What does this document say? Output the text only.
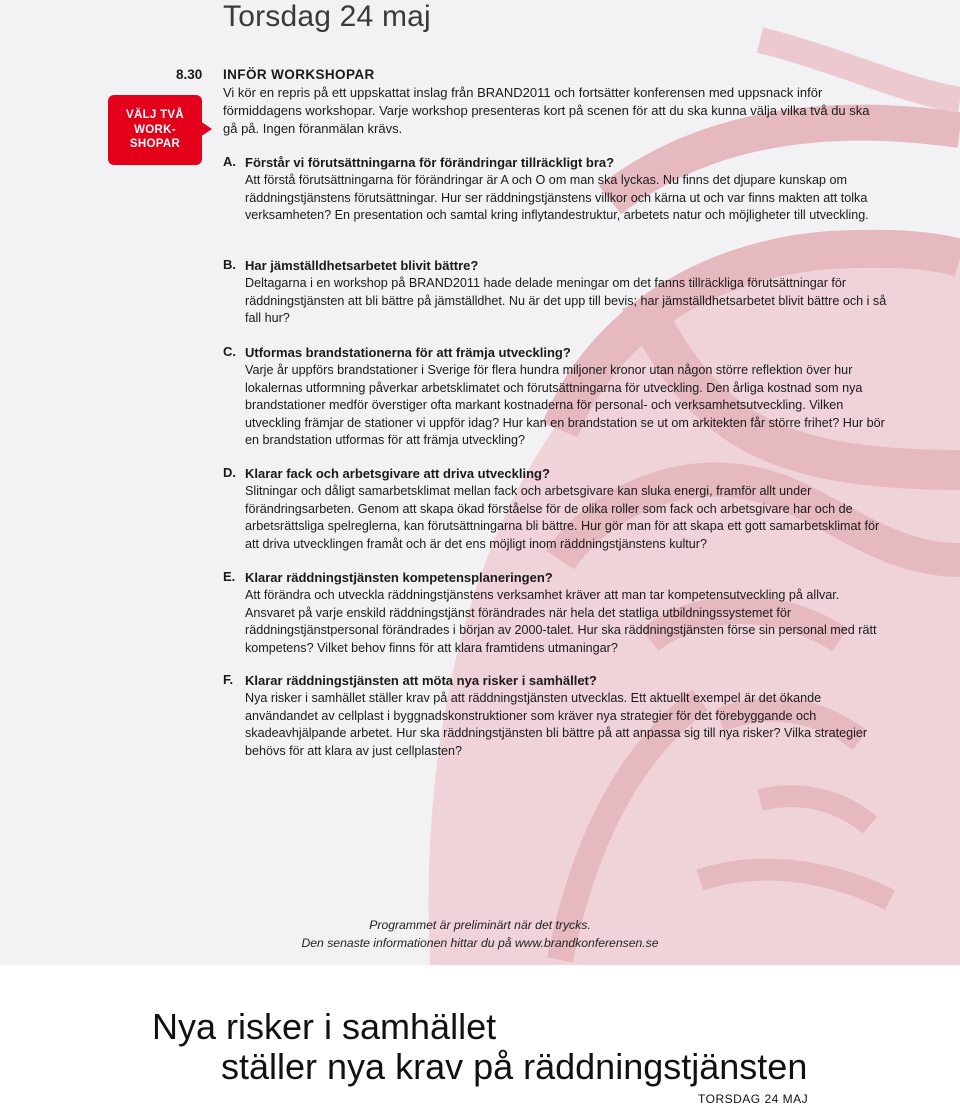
Torsdag 24 maj
VÄLJ TVÅ
WORK-
SHOPAR
8.30 INFÖR WORKSHOPAR

Vi kör en repris på ett uppskattat inslag från BRAND2011 och fortsätter konferensen med uppsnack inför förmiddagens workshopar. Varje workshop presenteras kort på scenen för att du ska kunna välja vilka två du ska gå på. Ingen föranmälan krävs.

A. Förstår vi förutsättningarna för förändringar tillräckligt bra?

Att förstå förutsättningarna för förändringar är A och O om man ska lyckas. Nu finns det djupare kunskap om räddningstjänstens förutsättningar. Hur ser räddningstjänstens villkor och kärna ut och var finns makten att tolka verksamheten? En presentation och samtal kring inflytandestruktur, arbetets natur och möjligheter till utveckling.

B. Har jämställdhetsarbetet blivit bättre?

Deltagarna i en workshop på BRAND2011 hade delade meningar om det fanns tillräckliga förutsättningar för räddningstjänsten att bli bättre på jämställdhet. Nu är det upp till bevis; har jämställdhetsarbetet blivit bättre och i så fall hur?

C. Utformas brandstationerna för att främja utveckling?

Varje år uppförs brandstationer i Sverige för flera hundra miljoner kronor utan någon större reflektion över hur lokalernas utformning påverkar arbetsklimatet och förutsättningarna för utveckling. Den årliga kostnad som nya brandstationer medför överstiger ofta markant kostnaderna för personal- och verksamhetsutveckling. Vilken utveckling främjar de stationer vi uppför idag? Hur kan en brandstation se ut om arkitekten får större frihet? Hur bör en brandstation utformas för att främja utveckling?

D. Klarar fack och arbetsgivare att driva utveckling?

Slitningar och dåligt samarbetsklimat mellan fack och arbetsgivare kan sluka energi, framför allt under förändringsarbeten. Genom att skapa ökad förståelse för de olika roller som fack och arbetsgivare har och de arbetsrättsliga spelreglerna, kan förutsättningarna bli bättre. Hur gör man för att skapa ett gott samarbetsklimat för att driva utvecklingen framåt och är det ens möjligt inom räddningstjänstens kultur?

E. Klarar räddningstjänsten kompetensplaneringen?

Att förändra och utveckla räddningstjänstens verksamhet kräver att man tar kompetensutveckling på allvar. Ansvaret på varje enskild räddningstjänst förändrades när hela det statliga utbildningssystemet för räddningstjänstpersonal förändrades i början av 2000-talet. Hur ska räddningstjänsten förse sin personal med rätt kompetens? Vilket behov finns för att klara framtidens utmaningar?

F. Klarar räddningstjänsten att möta nya risker i samhället?

Nya risker i samhället ställer krav på att räddningstjänsten utvecklas. Ett aktuellt exempel är det ökande användandet av cellplast i byggnadskonstruktioner som kräver nya strategier för det förebyggande och skadeavhjälpande arbetet. Hur ska räddningstjänsten bli bättre på att anpassa sig till nya risker? Vilka strategier behövs för att klara av just cellplasten?

Programmet är preliminärt när det trycks.
Den senaste informationen hittar du på www.brandkonferensen.se
Nya risker i samhället
ställer nya krav på räddningstjänsten
TORSDAG 24 MAJ
